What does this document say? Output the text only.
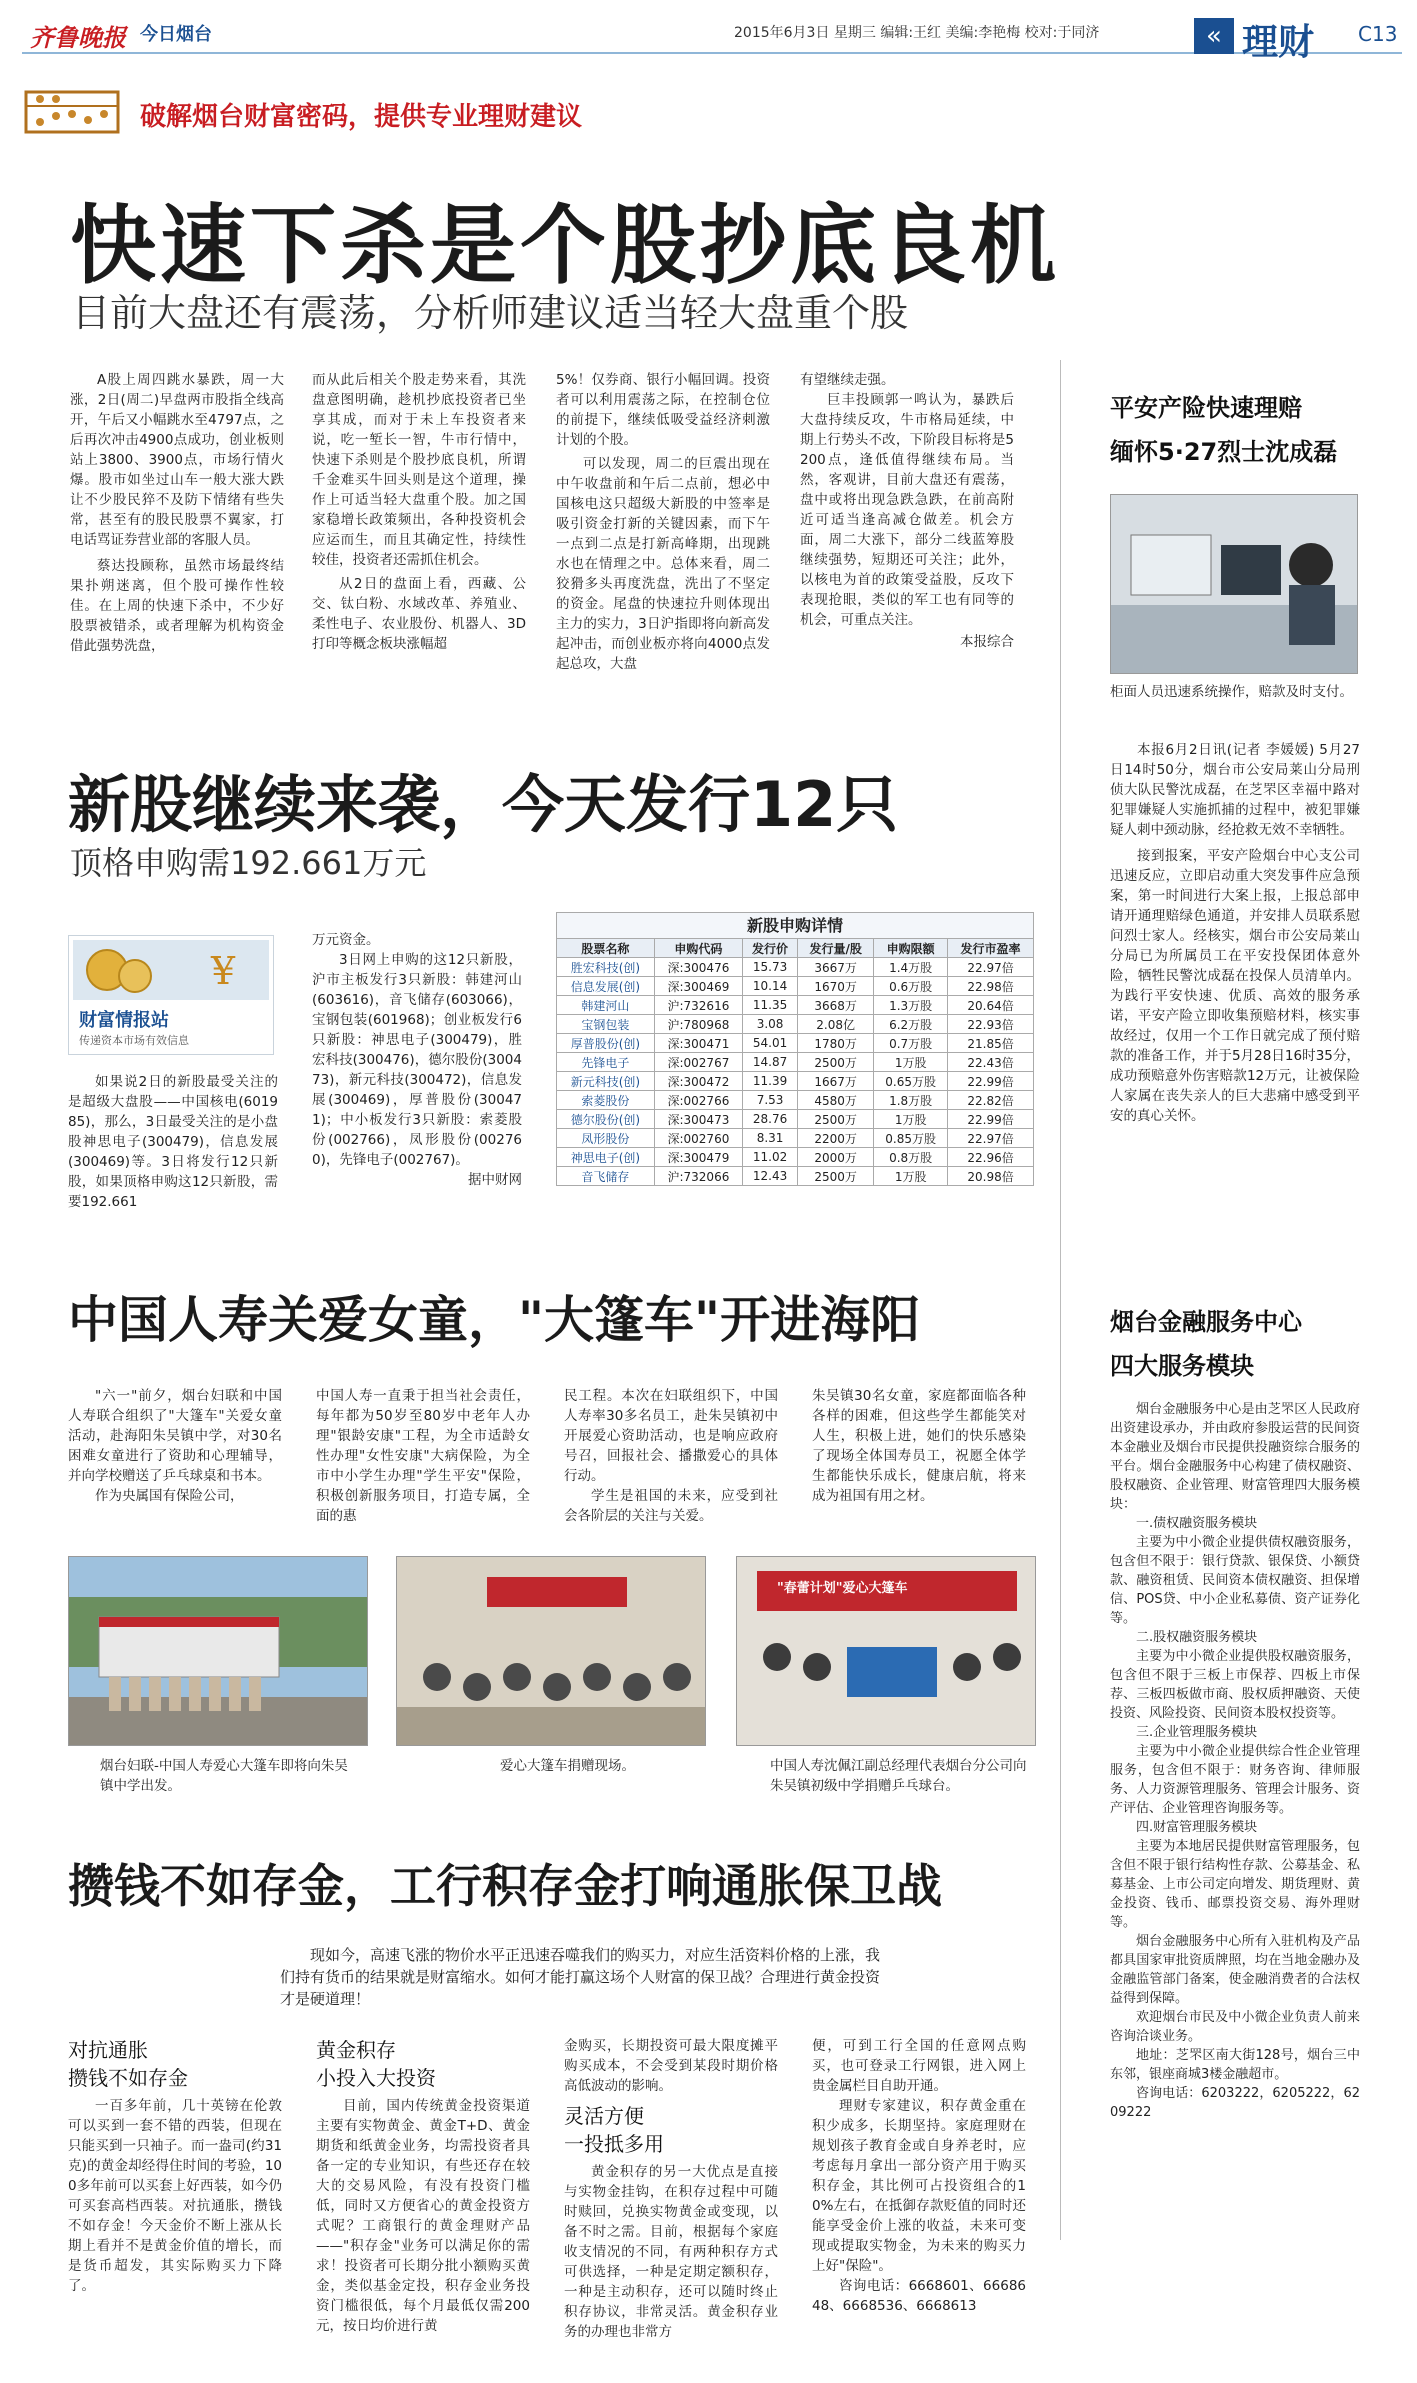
齐鲁晚报 今日烟台	2015年6月3日 星期三 编辑:王红 美编:李艳梅 校对:于同济	« 理财 C13
破解烟台财富密码，提供专业理财建议
快速下杀是个股抄底良机
目前大盘还有震荡，分析师建议适当轻大盘重个股

A股上周四跳水暴跌，周一大涨，2日(周二)早盘两市股指全线高开，午后又小幅跳水至4797点，之后再次冲击4900点成功，创业板则站上3800、3900点，市场行情火爆。股市如坐过山车一般大涨大跌让不少股民猝不及防下情绪有些失常，甚至有的股民股票不翼家，打电话骂证券营业部的客服人员。

蔡达投顾称，虽然市场最终结果扑朔迷离，但个股可操作性较佳。在上周的快速下杀中，不少好股票被错杀，或者理解为机构资金借此强势洗盘，

而从此后相关个股走势来看，其洗盘意图明确，趁机抄底投资者已坐享其成，而对于未上车投资者来说，吃一堑长一智，牛市行情中，快速下杀则是个股抄底良机，所谓千金难买牛回头则是这个道理，操作上可适当轻大盘重个股。加之国家稳增长政策频出，各种投资机会应运而生，而且其确定性，持续性较佳，投资者还需抓住机会。

从2日的盘面上看，西藏、公交、钛白粉、水域改革、养殖业、柔性电子、农业股份、机器人、3D打印等概念板块涨幅超

5%！仅券商、银行小幅回调。投资者可以利用震荡之际，在控制仓位的前提下，继续低吸受益经济刺激计划的个股。

可以发现，周二的巨震出现在中午收盘前和午后二点前，想必中国核电这只超级大新股的中签率是吸引资金打新的关键因素，而下午一点到二点是打新高峰期，出现跳水也在情理之中。总体来看，周二狡猾多头再度洗盘，洗出了不坚定的资金。尾盘的快速拉升则体现出主力的实力，3日沪指即将向新高发起冲击，而创业板亦将向4000点发起总攻，大盘

有望继续走强。

巨丰投顾郭一鸣认为，暴跌后大盘持续反攻，牛市格局延续，中期上行势头不改，下阶段目标将是5200点，逢低值得继续布局。当然，客观讲，目前大盘还有震荡，盘中或将出现急跌急跌，在前高附近可适当逢高减仓做差。机会方面，周二大涨下，部分二线蓝筹股继续强势，短期还可关注；此外，以核电为首的政策受益股，反攻下表现抢眼，类似的军工也有同等的机会，可重点关注。

本报综合

平安产险快速理赔
缅怀5·27烈士沈成磊
柜面人员迅速系统操作，赔款及时支付。

本报6月2日讯(记者 李媛媛) 5月27日14时50分，烟台市公安局莱山分局刑侦大队民警沈成磊，在芝罘区幸福中路对犯罪嫌疑人实施抓捕的过程中，被犯罪嫌疑人刺中颈动脉，经抢救无效不幸牺牲。

接到报案，平安产险烟台中心支公司迅速反应，立即启动重大突发事件应急预案，第一时间进行大案上报，上报总部申请开通理赔绿色通道，并安排人员联系慰问烈士家人。经核实，烟台市公安局莱山分局已为所属员工在平安投保团体意外险，牺牲民警沈成磊在投保人员清单内。为践行平安快速、优质、高效的服务承诺，平安产险立即收集预赔材料，核实事故经过，仅用一个工作日就完成了预付赔款的准备工作，并于5月28日16时35分，成功预赔意外伤害赔款12万元，让被保险人家属在丧失亲人的巨大悲痛中感受到平安的真心关怀。

新股继续来袭，今天发行12只
顶格申购需192.661万元
¥
财富情报站
传递资本市场有效信息

如果说2日的新股最受关注的是超级大盘股——中国核电(601985)，那么，3日最受关注的是小盘股神思电子(300479)，信息发展(300469)等。3日将发行12只新股，如果顶格申购这12只新股，需要192.661

万元资金。

3日网上申购的这12只新股，沪市主板发行3只新股：韩建河山(603616)，音飞储存(603066)，宝钢包装(601968)；创业板发行6只新股：神思电子(300479)，胜宏科技(300476)，德尔股份(300473)，新元科技(300472)，信息发展(300469)，厚普股份(300471)；中小板发行3只新股：索菱股份(002766)，凤形股份(002760)，先锋电子(002767)。

据中财网

新股申购详情
股票名称	申购代码	发行价	发行量/股	申购限额	发行市盈率
胜宏科技(创)	深:300476	15.73	3667万	1.4万股	22.97倍
信息发展(创)	深:300469	10.14	1670万	0.6万股	22.98倍
韩建河山	沪:732616	11.35	3668万	1.3万股	20.64倍
宝钢包装	沪:780968	3.08	2.08亿	6.2万股	22.93倍
厚普股份(创)	深:300471	54.01	1780万	0.7万股	21.85倍
先锋电子	深:002767	14.87	2500万	1万股	22.43倍
新元科技(创)	深:300472	11.39	1667万	0.65万股	22.99倍
索菱股份	深:002766	7.53	4580万	1.8万股	22.82倍
德尔股份(创)	深:300473	28.76	2500万	1万股	22.99倍
凤形股份	深:002760	8.31	2200万	0.85万股	22.97倍
神思电子(创)	深:300479	11.02	2000万	0.8万股	22.96倍
音飞储存	沪:732066	12.43	2500万	1万股	20.98倍
中国人寿关爱女童，"大篷车"开进海阳

"六一"前夕，烟台妇联和中国人寿联合组织了"大篷车"关爱女童活动，赴海阳朱吴镇中学，对30名困难女童进行了资助和心理辅导，并向学校赠送了乒乓球桌和书本。

作为央属国有保险公司，

中国人寿一直秉于担当社会责任，每年都为50岁至80岁中老年人办理"银龄安康"工程，为全市适龄女性办理"女性安康"大病保险，为全市中小学生办理"学生平安"保险，积极创新服务项目，打造专属，全面的惠

民工程。本次在妇联组织下，中国人寿率30多名员工，赴朱吴镇初中开展爱心资助活动，也是响应政府号召，回报社会、播撒爱心的具体行动。

学生是祖国的未来，应受到社会各阶层的关注与关爱。

朱吴镇30名女童，家庭都面临各种各样的困难，但这些学生都能笑对人生，积极上进，她们的快乐感染了现场全体国寿员工，祝愿全体学生都能快乐成长，健康启航，将来成为祖国有用之材。

"春蕾计划"爱心大篷车
烟台妇联-中国人寿爱心大篷车即将向朱吴镇中学出发。
爱心大篷车捐赠现场。	中国人寿沈佩江副总经理代表烟台分公司向朱吴镇初级中学捐赠乒乓球台。
烟台金融服务中心
四大服务模块

烟台金融服务中心是由芝罘区人民政府出资建设承办，并由政府参股运营的民间资本金融业及烟台市民提供投融资综合服务的平台。烟台金融服务中心构建了债权融资、股权融资、企业管理、财富管理四大服务模块：

一.债权融资服务模块

主要为中小微企业提供债权融资服务，包含但不限于：银行贷款、银保贷、小额贷款、融资租赁、民间资本债权融资、担保增信、POS贷、中小企业私募债、资产证券化等。

二.股权融资服务模块

主要为中小微企业提供股权融资服务，包含但不限于三板上市保荐、四板上市保荐、三板四板做市商、股权质押融资、天使投资、风险投资、民间资本股权投资等。

三.企业管理服务模块

主要为中小微企业提供综合性企业管理服务，包含但不限于：财务咨询、律师服务、人力资源管理服务、管理会计服务、资产评估、企业管理咨询服务等。

四.财富管理服务模块

主要为本地居民提供财富管理服务，包含但不限于银行结构性存款、公募基金、私募基金、上市公司定向增发、期货理财、黄金投资、钱币、邮票投资交易、海外理财等。

烟台金融服务中心所有入驻机构及产品都具国家审批资质牌照，均在当地金融办及金融监管部门备案，使金融消费者的合法权益得到保障。

欢迎烟台市民及中小微企业负责人前来咨询洽谈业务。

地址：芝罘区南大街128号，烟台三中东邻，银座商城3楼金融超市。

咨询电话：6203222，6205222，6209222

攒钱不如存金，工行积存金打响通胀保卫战
现如今，高速飞涨的物价水平正迅速吞噬我们的购买力，对应生活资料价格的上涨，我们持有货币的结果就是财富缩水。如何才能打赢这场个人财富的保卫战？合理进行黄金投资才是硬道理！
对抗通胀
攒钱不如存金

一百多年前，几十英镑在伦敦可以买到一套不错的西装，但现在只能买到一只袖子。而一盎司(约31克)的黄金却经得住时间的考验，100多年前可以买套上好西装，如今仍可买套高档西装。对抗通胀，攒钱不如存金！今天金价不断上涨从长期上看并不是黄金价值的增长，而是货币超发，其实际购买力下降了。

黄金积存
小投入大投资

目前，国内传统黄金投资渠道主要有实物黄金、黄金T+D、黄金期货和纸黄金业务，均需投资者具备一定的专业知识，有些还存在较大的交易风险，有没有投资门槛低，同时又方便省心的黄金投资方式呢？工商银行的黄金理财产品——"积存金"业务可以满足你的需求！投资者可长期分批小额购买黄金，类似基金定投，积存金业务投资门槛很低，每个月最低仅需200元，按日均价进行黄

金购买，长期投资可最大限度摊平购买成本，不会受到某段时期价格高低波动的影响。

灵活方便
一投抵多用

黄金积存的另一大优点是直接与实物金挂钩，在积存过程中可随时赎回，兑换实物黄金或变现，以备不时之需。目前，根据每个家庭收支情况的不同，有两种积存方式可供选择，一种是定期定额积存，一种是主动积存，还可以随时终止积存协议，非常灵活。黄金积存业务的办理也非常方

便，可到工行全国的任意网点购买，也可登录工行网银，进入网上贵金属栏目自助开通。

理财专家建议，积存黄金重在积少成多，长期坚持。家庭理财在规划孩子教育金或自身养老时，应考虑每月拿出一部分资产用于购买积存金，其比例可占投资组合的10%左右，在抵御存款贬值的同时还能享受金价上涨的收益，未来可变现或提取实物金，为未来的购买力上好"保险"。

咨询电话：6668601、6668648、6668536、6668613
